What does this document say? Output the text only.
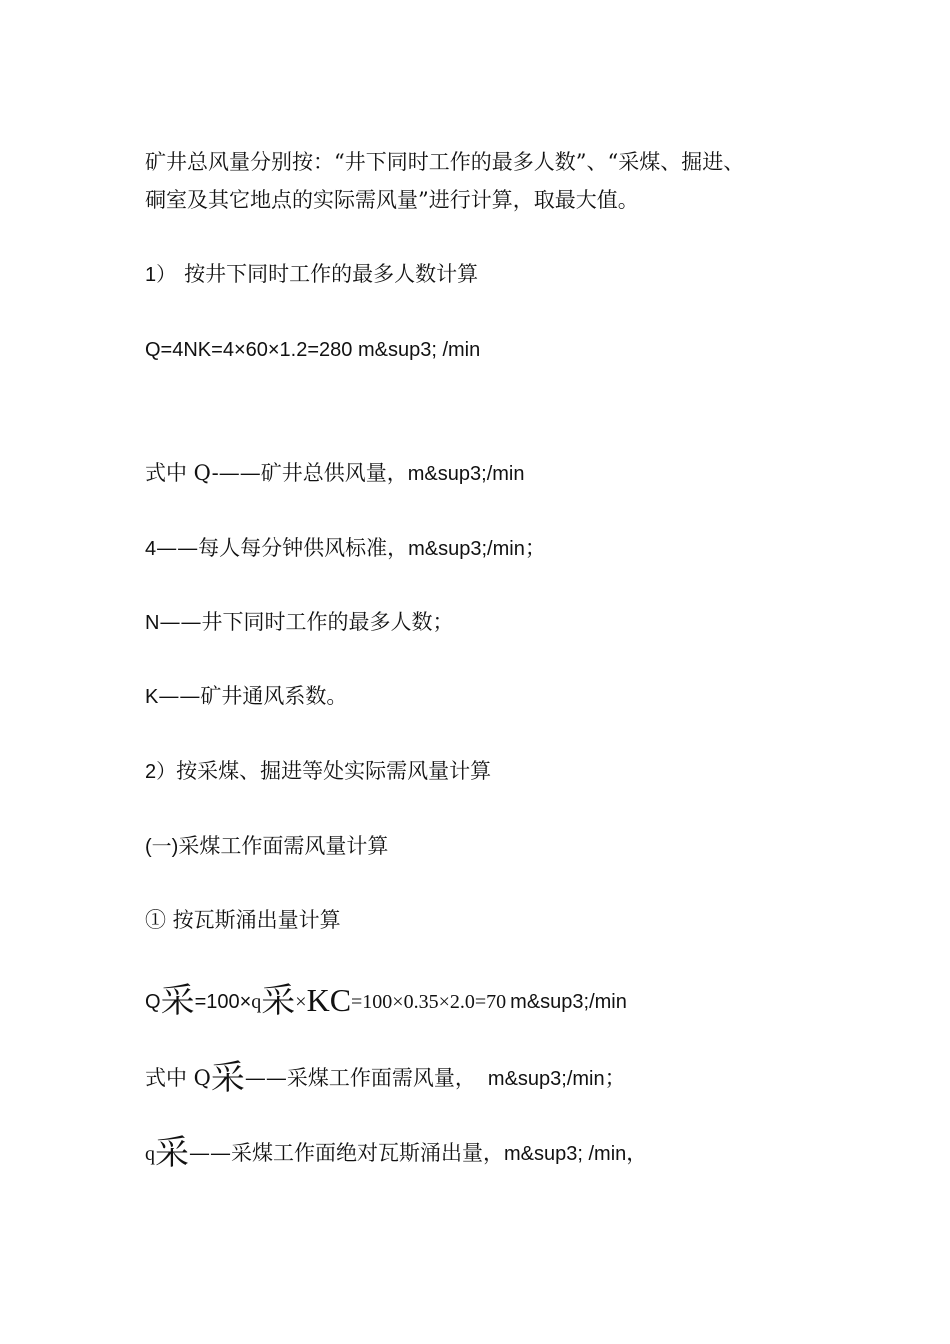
矿井总风量分别按：“井下同时工作的最多人数”、“采煤、掘进、
硐室及其它地点的实际需风量”进行计算，取最大值。
1） 按井下同时工作的最多人数计算
Q=4NK=4×60×1.2=280 m&sup3; /min
式中 Q-——矿井总供风量，m&sup3;/min
4——每人每分钟供风标准，m&sup3;/min；
N——井下同时工作的最多人数；
K——矿井通风系数。
2）按采煤、掘进等处实际需风量计算
(一)采煤工作面需风量计算
① 按瓦斯涌出量计算
Q采=100×q采×KC=100×0.35×2.0=70 m&sup3;/min
式中 Q采——采煤工作面需风量， m&sup3;/min；
q采——采煤工作面绝对瓦斯涌出量，m&sup3; /min，
